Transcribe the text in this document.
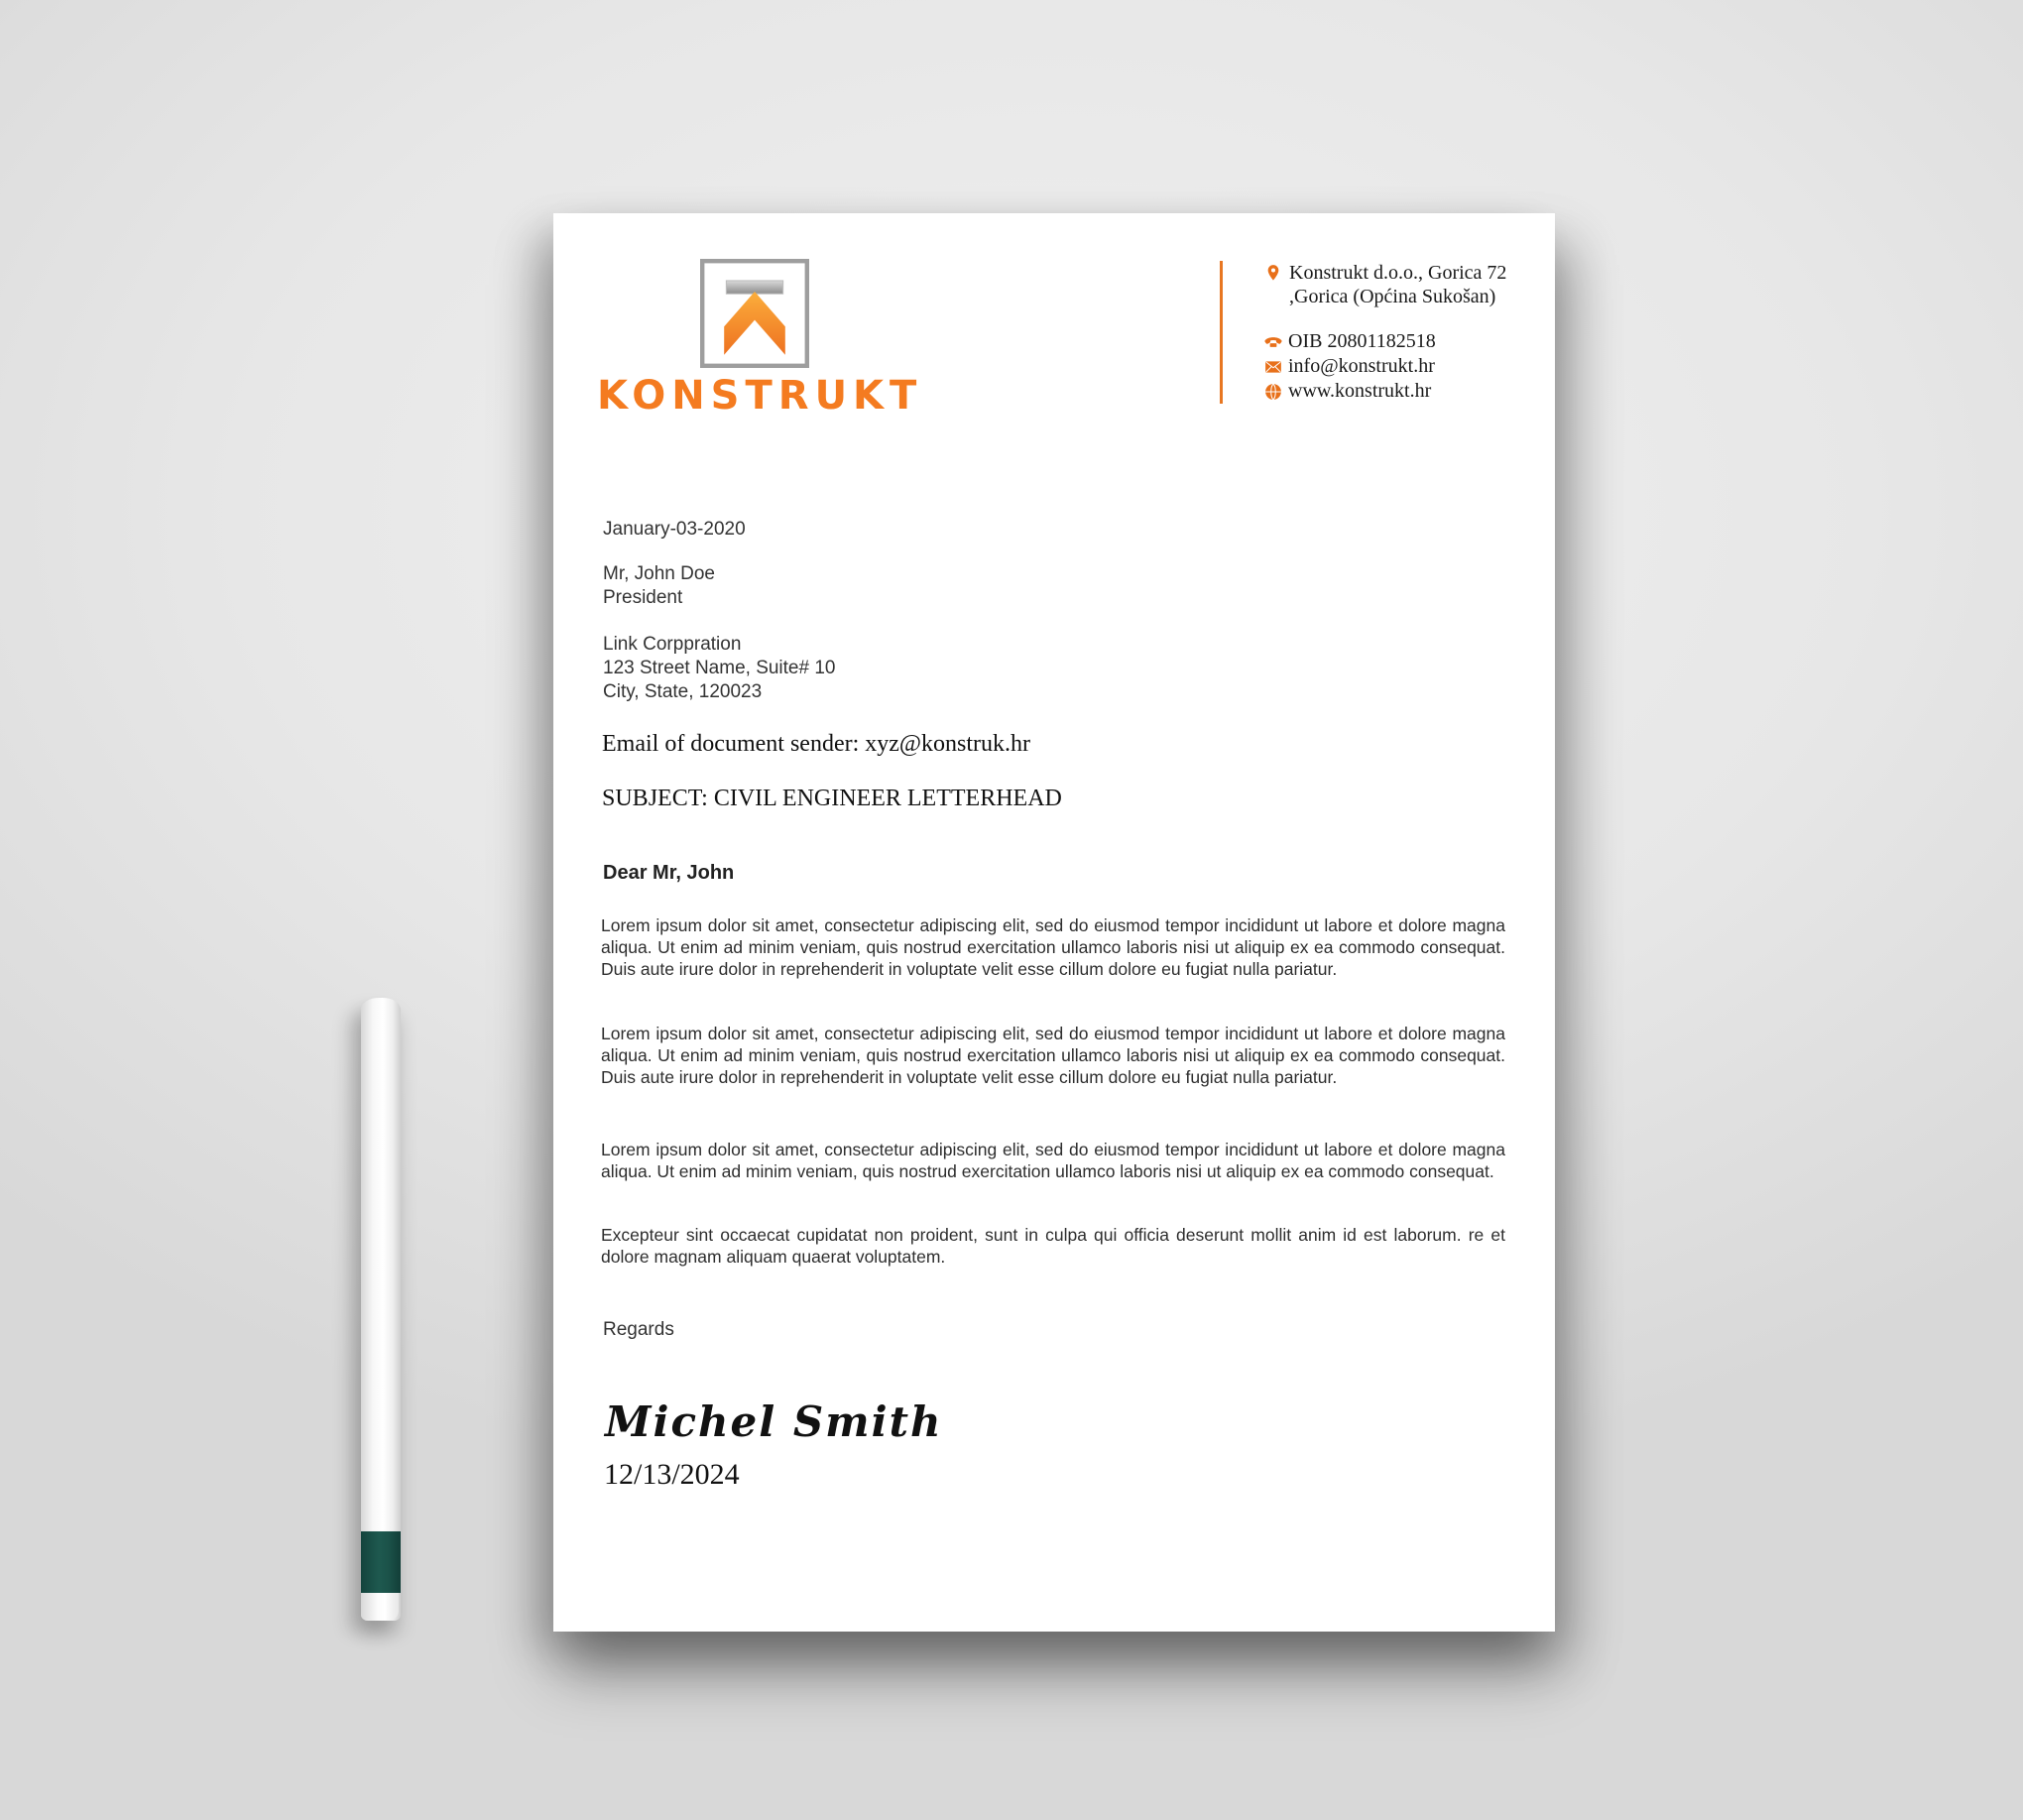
KONSTRUKT
Konstrukt d.o.o., Gorica 72
,Gorica (Općina Sukošan)
OIB 20801182518
info@konstrukt.hr
www.konstrukt.hr
January-03-2020
Mr, John Doe
President
Link Corppration
123 Street Name, Suite# 10
City, State, 120023
Email of document sender: xyz@konstruk.hr
SUBJECT: CIVIL ENGINEER LETTERHEAD
Dear Mr, John
Lorem ipsum dolor sit amet, consectetur adipiscing elit, sed do eiusmod tempor incididunt ut labore et dolore magna aliqua. Ut enim ad minim veniam, quis nostrud exercitation ullamco laboris nisi ut aliquip ex ea commodo consequat. Duis aute irure dolor in reprehenderit in voluptate velit esse cillum dolore eu fugiat nulla pariatur.
Lorem ipsum dolor sit amet, consectetur adipiscing elit, sed do eiusmod tempor incididunt ut labore et dolore magna aliqua. Ut enim ad minim veniam, quis nostrud exercitation ullamco laboris nisi ut aliquip ex ea commodo consequat. Duis aute irure dolor in reprehenderit in voluptate velit esse cillum dolore eu fugiat nulla pariatur.
Lorem ipsum dolor sit amet, consectetur adipiscing elit, sed do eiusmod tempor incididunt ut labore et dolore magna aliqua. Ut enim ad minim veniam, quis nostrud exercitation ullamco laboris nisi ut aliquip ex ea commodo consequat.
Excepteur sint occaecat cupidatat non proident, sunt in culpa qui officia deserunt mollit anim id est laborum. re et dolore magnam aliquam quaerat voluptatem.
Regards
Michel Smith
12/13/2024
